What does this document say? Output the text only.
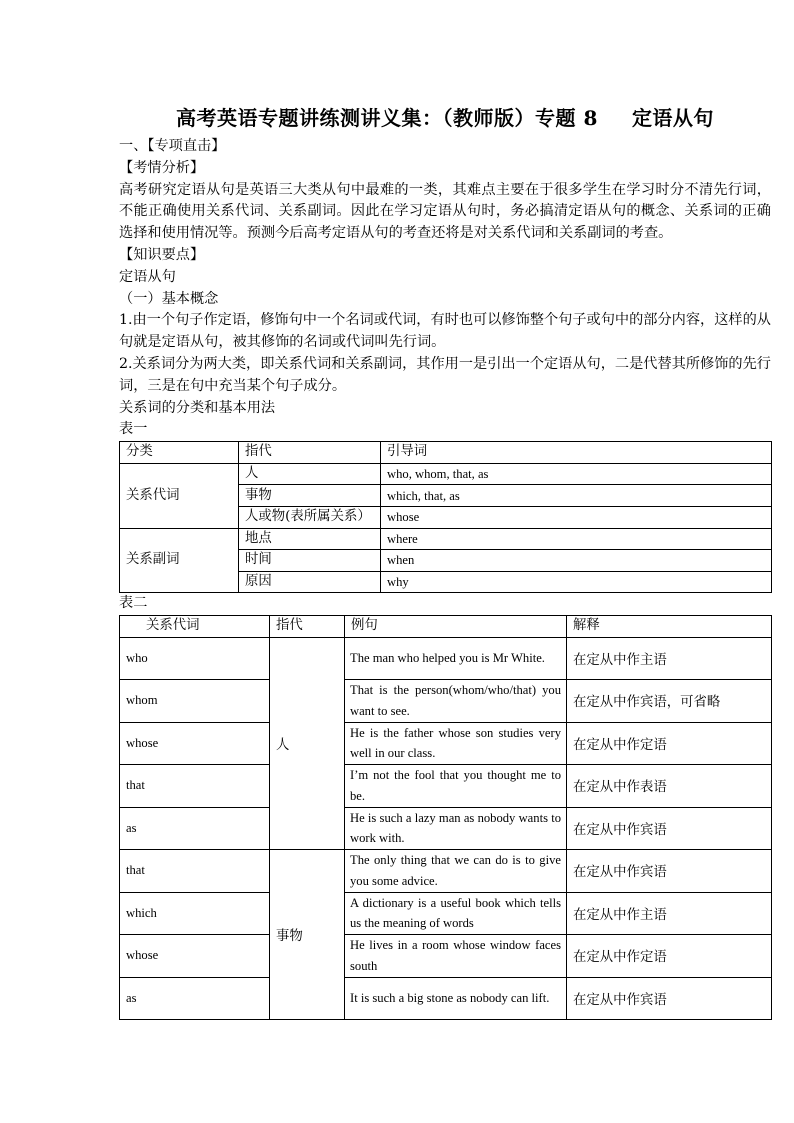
高考英语专题讲练测讲义集：（教师版）专题 8 定语从句

一、【专项直击】

【考情分析】

高考研究定语从句是英语三大类从句中最难的一类，其难点主要在于很多学生在学习时分不清先行词，不能正确使用关系代词、关系副词。因此在学习定语从句时，务必搞清定语从句的概念、关系词的正确选择和使用情况等。预测今后高考定语从句的考查还将是对关系代词和关系副词的考查。

【知识要点】

定语从句

（一）基本概念

1.由一个句子作定语，修饰句中一个名词或代词，有时也可以修饰整个句子或句中的部分内容，这样的从句就是定语从句，被其修饰的名词或代词叫先行词。

2.关系词分为两大类，即关系代词和关系副词，其作用一是引出一个定语从句，二是代替其所修饰的先行词，三是在句中充当某个句子成分。

关系词的分类和基本用法

表一

分类	指代	引导词
关系代词	人	who, whom, that, as
	事物	which, that, as
	人或物(表所属关系）	whose
关系副词	地点	where
	时间	when
	原因	why

表二

关系代词	指代	例句	解释
who	人	The man who helped you is Mr White.	在定从中作主语
whom		That is the person(whom/who/that) you want to see.	在定从中作宾语，可省略
whose		He is the father whose son studies very well in our class.	在定从中作定语
that		I’m not the fool that you thought me to be.	在定从中作表语
as		He is such a lazy man as nobody wants to work with.	在定从中作宾语
that	事物	The only thing that we can do is to give you some advice.	在定从中作宾语
which		A dictionary is a useful book which tells us the meaning of words	在定从中作主语
whose		He lives in a room whose window faces south	在定从中作定语
as		It is such a big stone as nobody can lift.	在定从中作宾语
